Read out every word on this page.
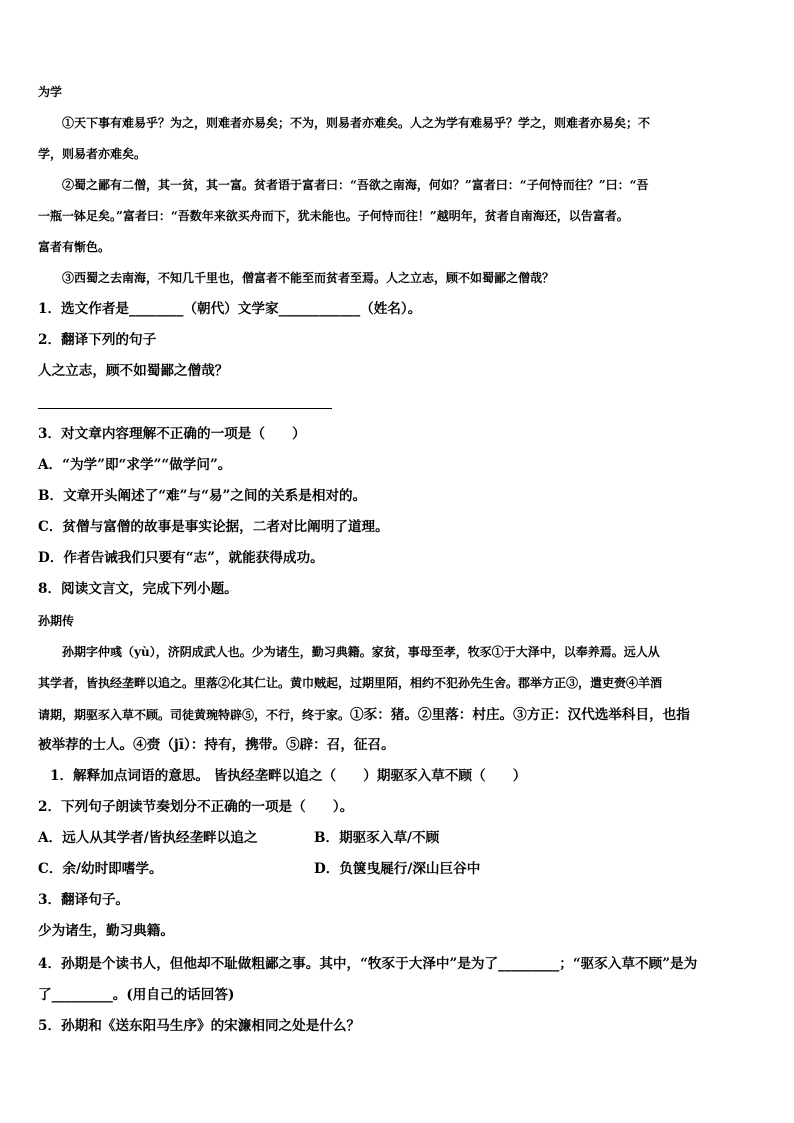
为学
①天下事有难易乎？为之，则难者亦易矣；不为，则易者亦难矣。人之为学有难易乎？学之，则难者亦易矣；不
学，则易者亦难矣。
②蜀之鄙有二僧，其一贫，其一富。贫者语于富者曰：“吾欲之南海，何如？”富者曰：“子何恃而往？”曰：“吾
一瓶一钵足矣。”富者曰：“吾数年来欲买舟而下，犹未能也。子何恃而往！”越明年，贫者自南海还，以告富者。
富者有惭色。
③西蜀之去南海，不知几千里也，僧富者不能至而贫者至焉。人之立志，顾不如蜀鄙之僧哉？
1．选文作者是________（朝代）文学家____________（姓名）。
2．翻译下列的句子
人之立志，顾不如蜀鄙之僧哉？
3．对文章内容理解不正确的一项是（　　）
A．“为学”即“求学”“做学问”。
B．文章开头阐述了“难”与“易”之间的关系是相对的。
C．贫僧与富僧的故事是事实论据，二者对比阐明了道理。
D．作者告诫我们只要有“志”，就能获得成功。
8．阅读文言文，完成下列小题。
孙期传
孙期字仲彧（yù），济阴成武人也。少为诸生，勤习典籍。家贫，事母至孝，牧豕①于大泽中，以奉养焉。远人从
其学者，皆执经垄畔以追之。里落②化其仁让。黄巾贼起，过期里陌，相约不犯孙先生舍。郡举方正③，遣吏赍④羊酒
请期，期驱豕入草不顾。司徒黄琬特辟⑤，不行，终于家。①豕：猪。②里落：村庄。③方正：汉代选举科目，也指
被举荐的士人。④赍（jī）：持有，携带。⑤辟：召，征召。
1．解释加点词语的意思。 皆执经垄畔以追之（　　）期驱豕入草不顾（　　）
2．下列句子朗读节奏划分不正确的一项是（　　）。
A．远人从其学者/皆执经垄畔以追之	B．期驱豕入草/不顾
C．余/幼时即嗜学。	D．负箧曳屣行/深山巨谷中
3．翻译句子。
少为诸生，勤习典籍。
4．孙期是个读书人，但他却不耻做粗鄙之事。其中，“牧豕于大泽中”是为了_________；“驱豕入草不顾”是为
了_________。(用自己的话回答)
5．孙期和《送东阳马生序》的宋濂相同之处是什么？
